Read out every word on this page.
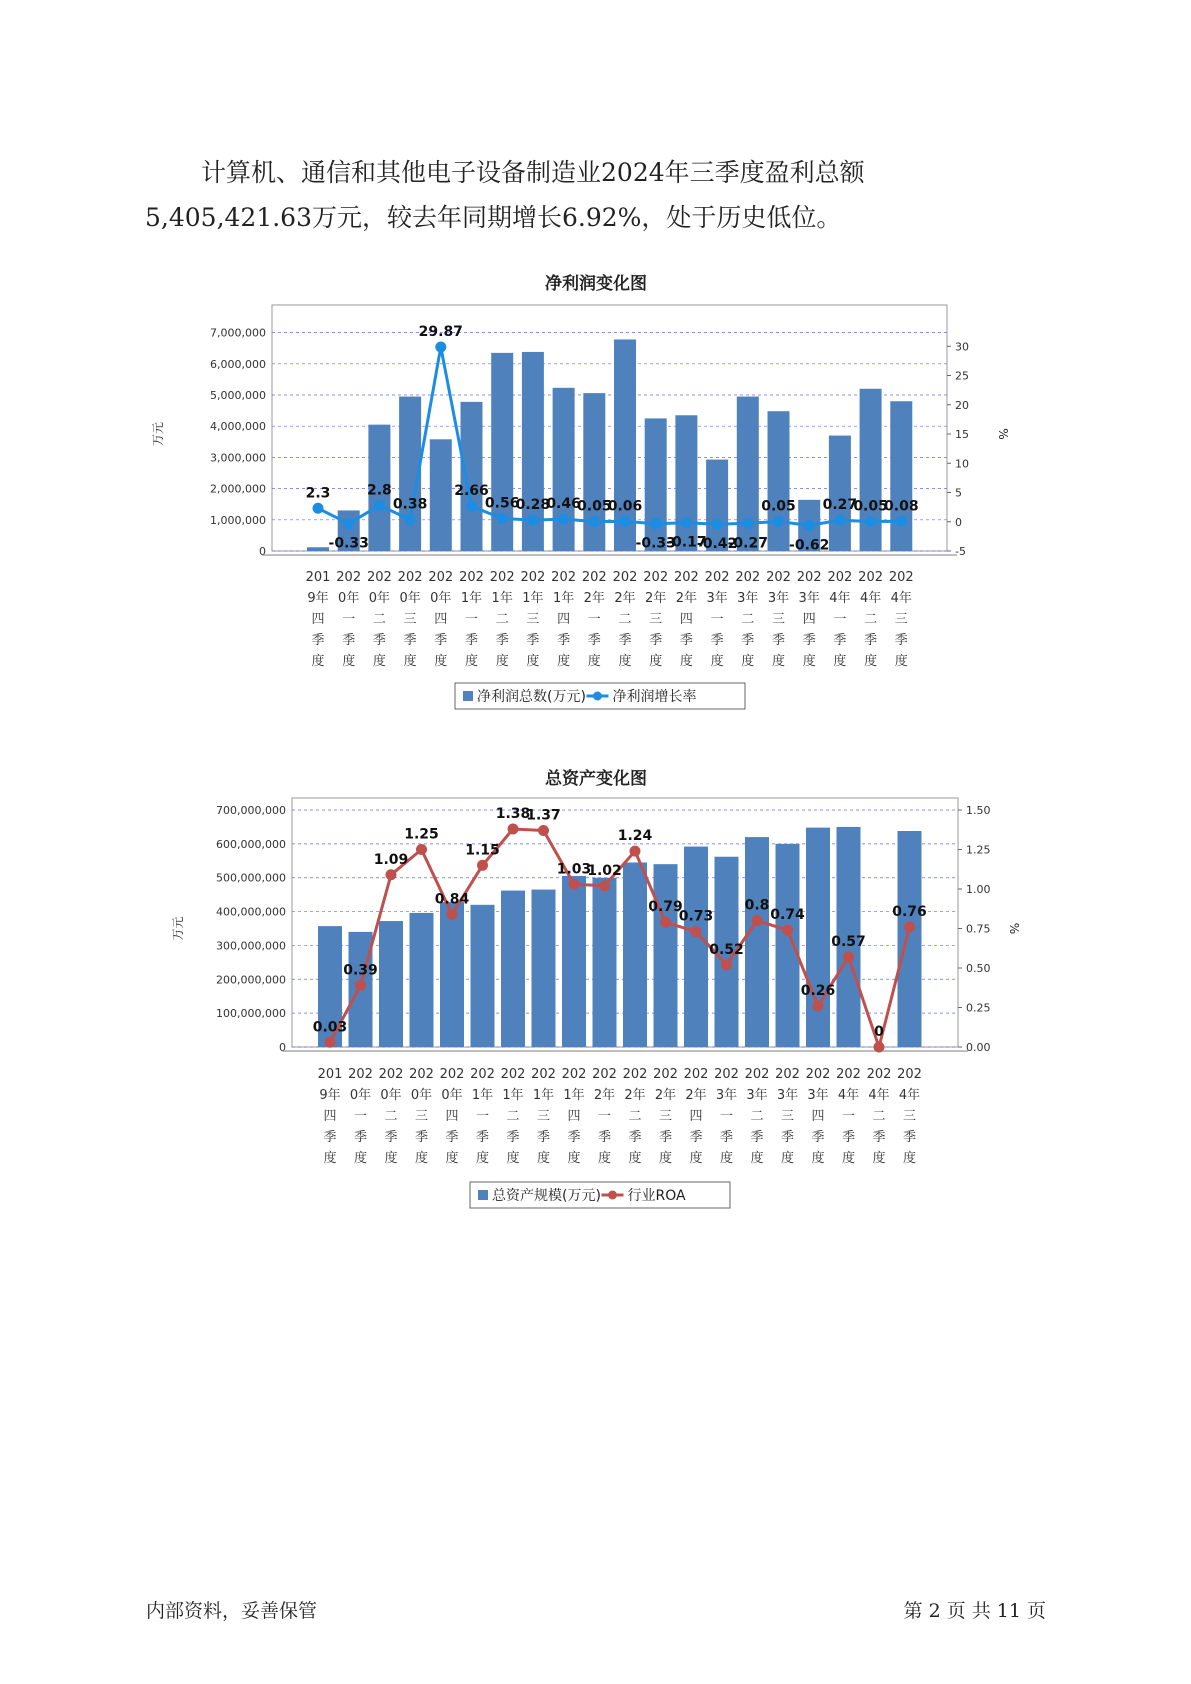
计算机、通信和其他电子设备制造业2024年三季度盈利总额
5,405,421.63万元，较去年同期增长6.92%，处于历史低位。

净利润变化图
0
1,000,000
2,000,000
3,000,000
4,000,000
5,000,000
6,000,000
7,000,000
-5
0
5
10
15
20
25
30
万元	%
201
9年
四
季
度
202
0年
一
季
度
202
0年
二
季
度
202
0年
三
季
度
202
0年
四
季
度
202
1年
一
季
度
202
1年
二
季
度
202
1年
三
季
度
202
1年
四
季
度
202
2年
一
季
度
202
2年
二
季
度
202
2年
三
季
度
202
2年
四
季
度
202
3年
一
季
度
202
3年
二
季
度
202
3年
三
季
度
202
3年
四
季
度
202
4年
一
季
度
202
4年
二
季
度
202
4年
三
季
度
2.3
-0.33
2.8
0.38
29.87
2.66
0.56
0.28
0.46
0.05
0.06
-0.33
-0.17
-0.42
-0.27
0.05
-0.62
0.27
0.05
0.08
净利润总数(万元) 净利润增长率
总资产变化图
0
100,000,000
200,000,000
300,000,000
400,000,000
500,000,000
600,000,000
700,000,000
0.00
0.25
0.50
0.75
1.00
1.25
1.50
万元	%
201
9年
四
季
度
202
0年
一
季
度
202
0年
二
季
度
202
0年
三
季
度
202
0年
四
季
度
202
1年
一
季
度
202
1年
二
季
度
202
1年
三
季
度
202
1年
四
季
度
202
2年
一
季
度
202
2年
二
季
度
202
2年
三
季
度
202
2年
四
季
度
202
3年
一
季
度
202
3年
二
季
度
202
3年
三
季
度
202
3年
四
季
度
202
4年
一
季
度
202
4年
二
季
度
202
4年
三
季
度
0.03
0.39
1.09
1.25
0.84
1.15
1.38
1.37
1.03
1.02
1.24
0.79
0.73
0.52
0.8
0.74
0.26
0.57
0
0.76
总资产规模(万元) 行业ROA
内部资料，妥善保管	第 2 页 共 11 页
